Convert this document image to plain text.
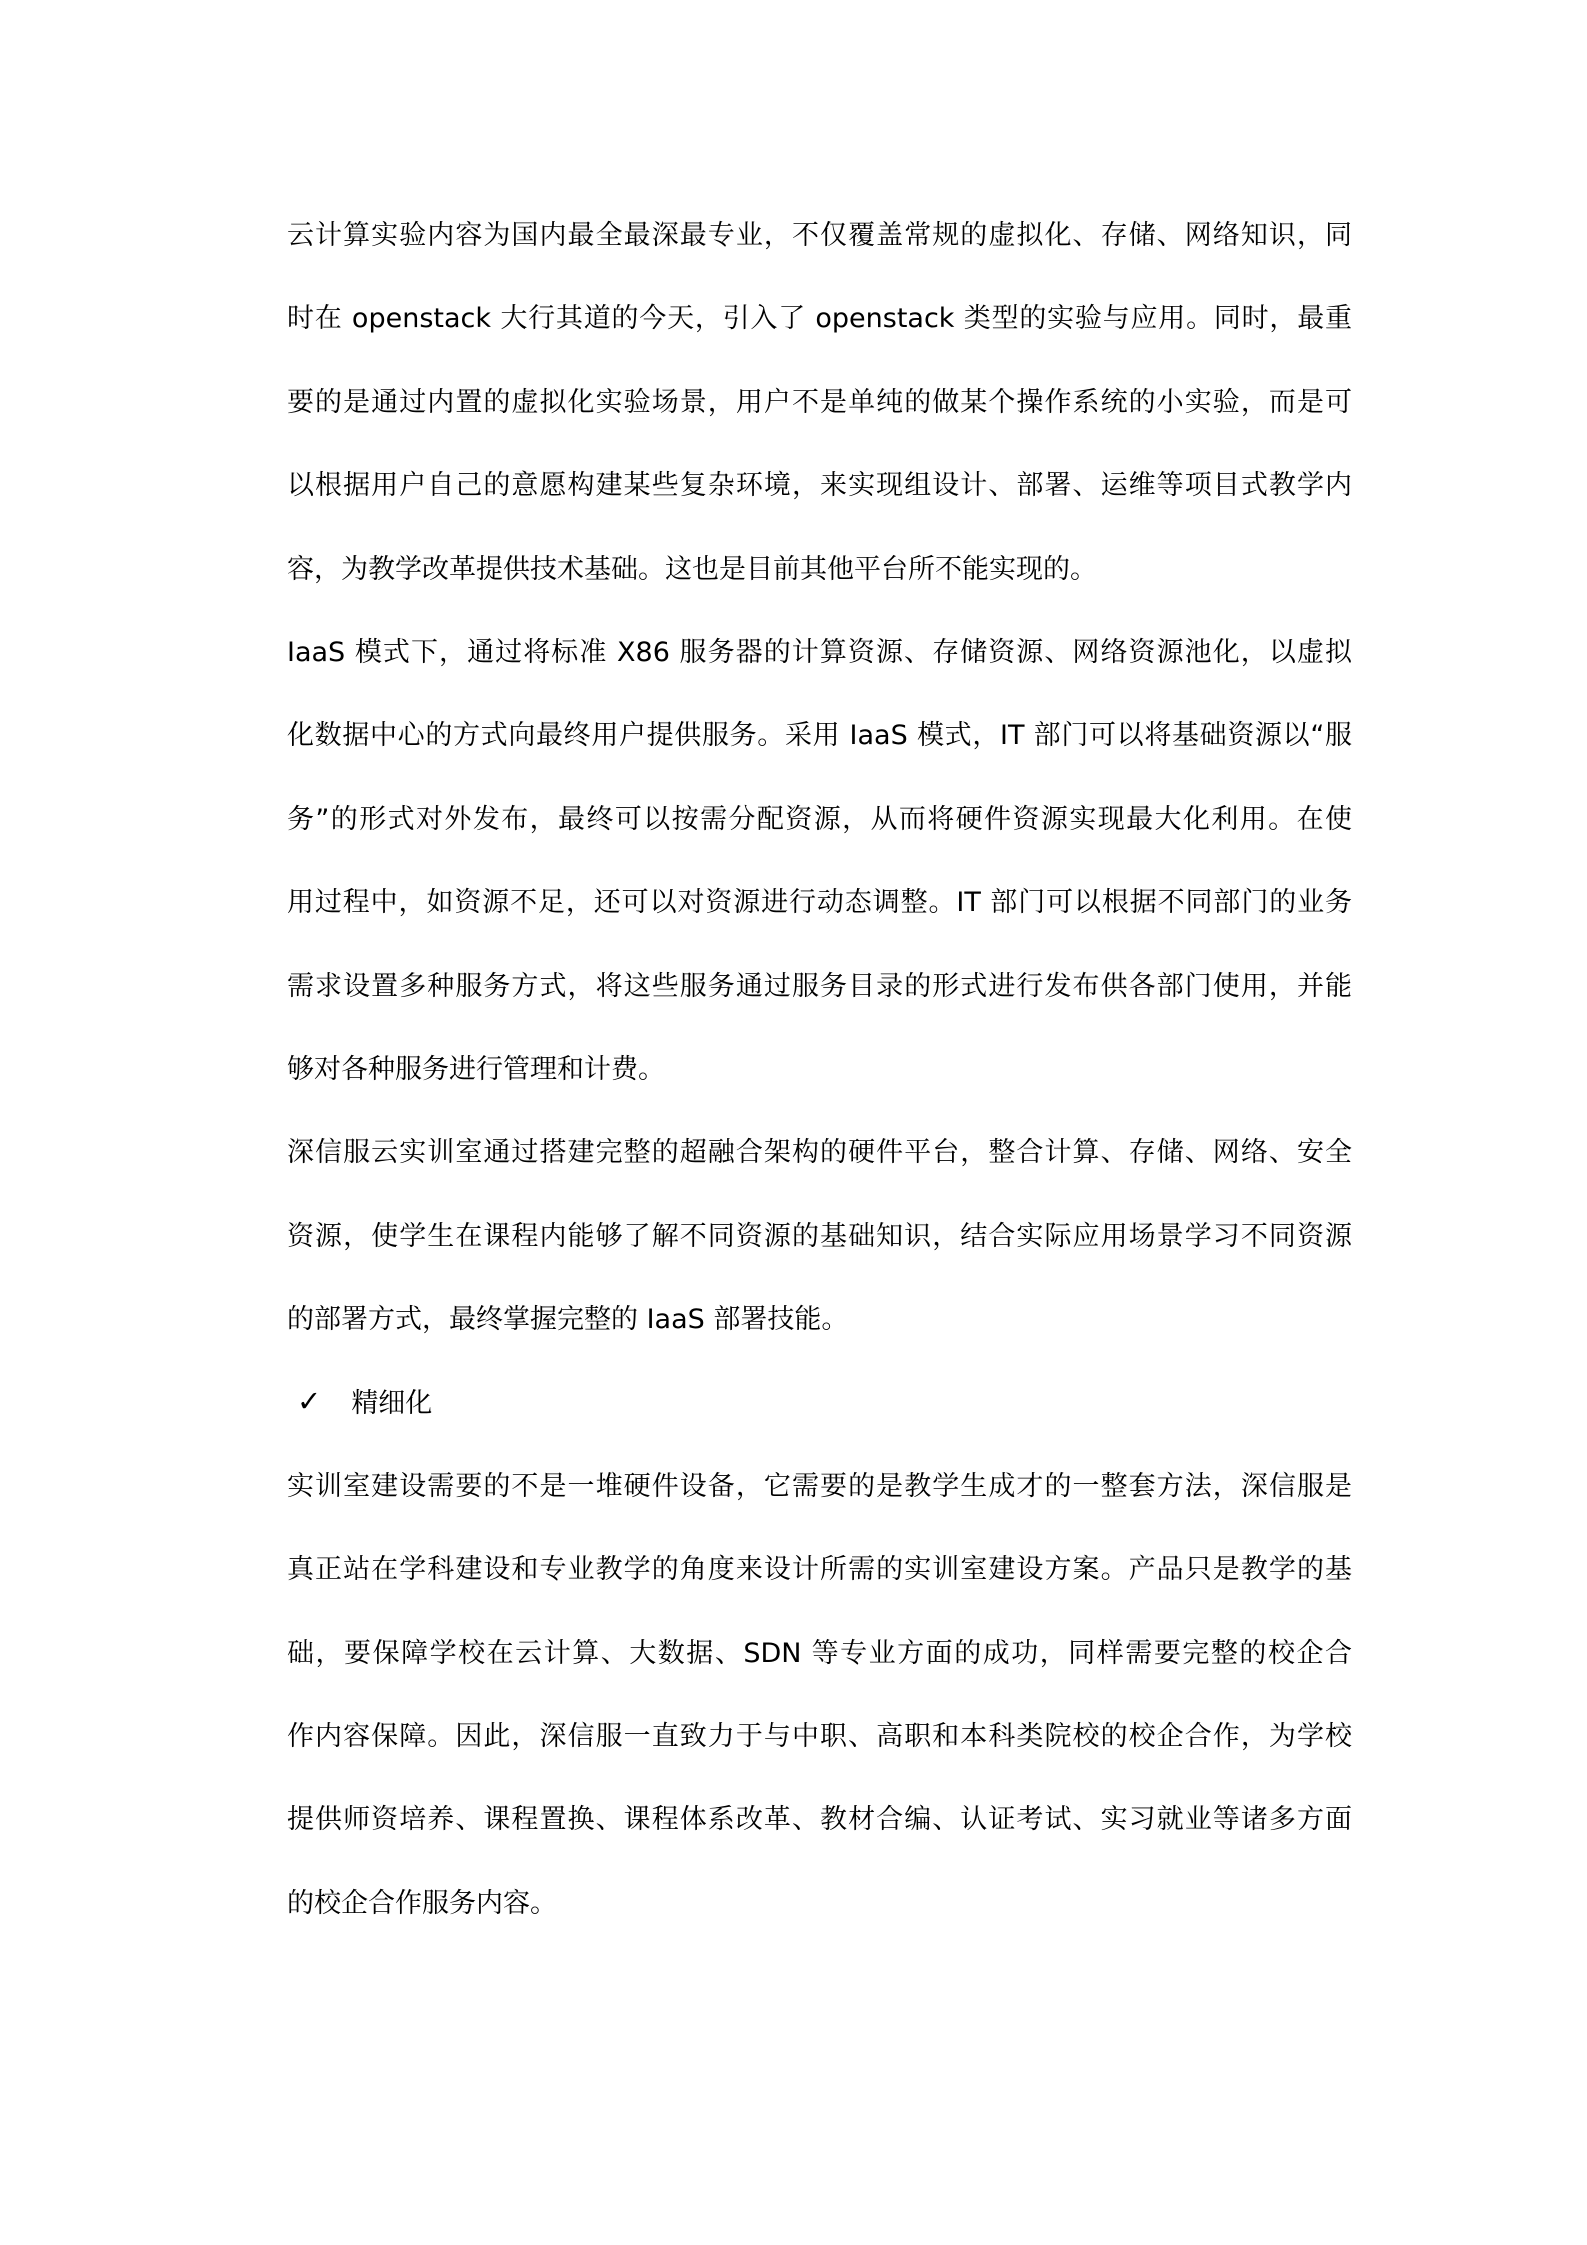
云计算实验内容为国内最全最深最专业，不仅覆盖常规的虚拟化、存储、网络知识，同
时在 openstack 大行其道的今天，引入了 openstack 类型的实验与应用。同时，最重
要的是通过内置的虚拟化实验场景，用户不是单纯的做某个操作系统的小实验，而是可
以根据用户自己的意愿构建某些复杂环境，来实现组设计、部署、运维等项目式教学内
容，为教学改革提供技术基础。这也是目前其他平台所不能实现的。
IaaS 模式下，通过将标准 X86 服务器的计算资源、存储资源、网络资源池化，以虚拟
化数据中心的方式向最终用户提供服务。采用 IaaS 模式，IT 部门可以将基础资源以“服
务”的形式对外发布，最终可以按需分配资源，从而将硬件资源实现最大化利用。在使
用过程中，如资源不足，还可以对资源进行动态调整。IT 部门可以根据不同部门的业务
需求设置多种服务方式，将这些服务通过服务目录的形式进行发布供各部门使用，并能
够对各种服务进行管理和计费。
深信服云实训室通过搭建完整的超融合架构的硬件平台，整合计算、存储、网络、安全
资源，使学生在课程内能够了解不同资源的基础知识，结合实际应用场景学习不同资源
的部署方式，最终掌握完整的 IaaS 部署技能。
✓ 精细化
实训室建设需要的不是一堆硬件设备，它需要的是教学生成才的一整套方法，深信服是
真正站在学科建设和专业教学的角度来设计所需的实训室建设方案。产品只是教学的基
础，要保障学校在云计算、大数据、SDN 等专业方面的成功，同样需要完整的校企合
作内容保障。因此，深信服一直致力于与中职、高职和本科类院校的校企合作，为学校
提供师资培养、课程置换、课程体系改革、教材合编、认证考试、实习就业等诸多方面
的校企合作服务内容。
